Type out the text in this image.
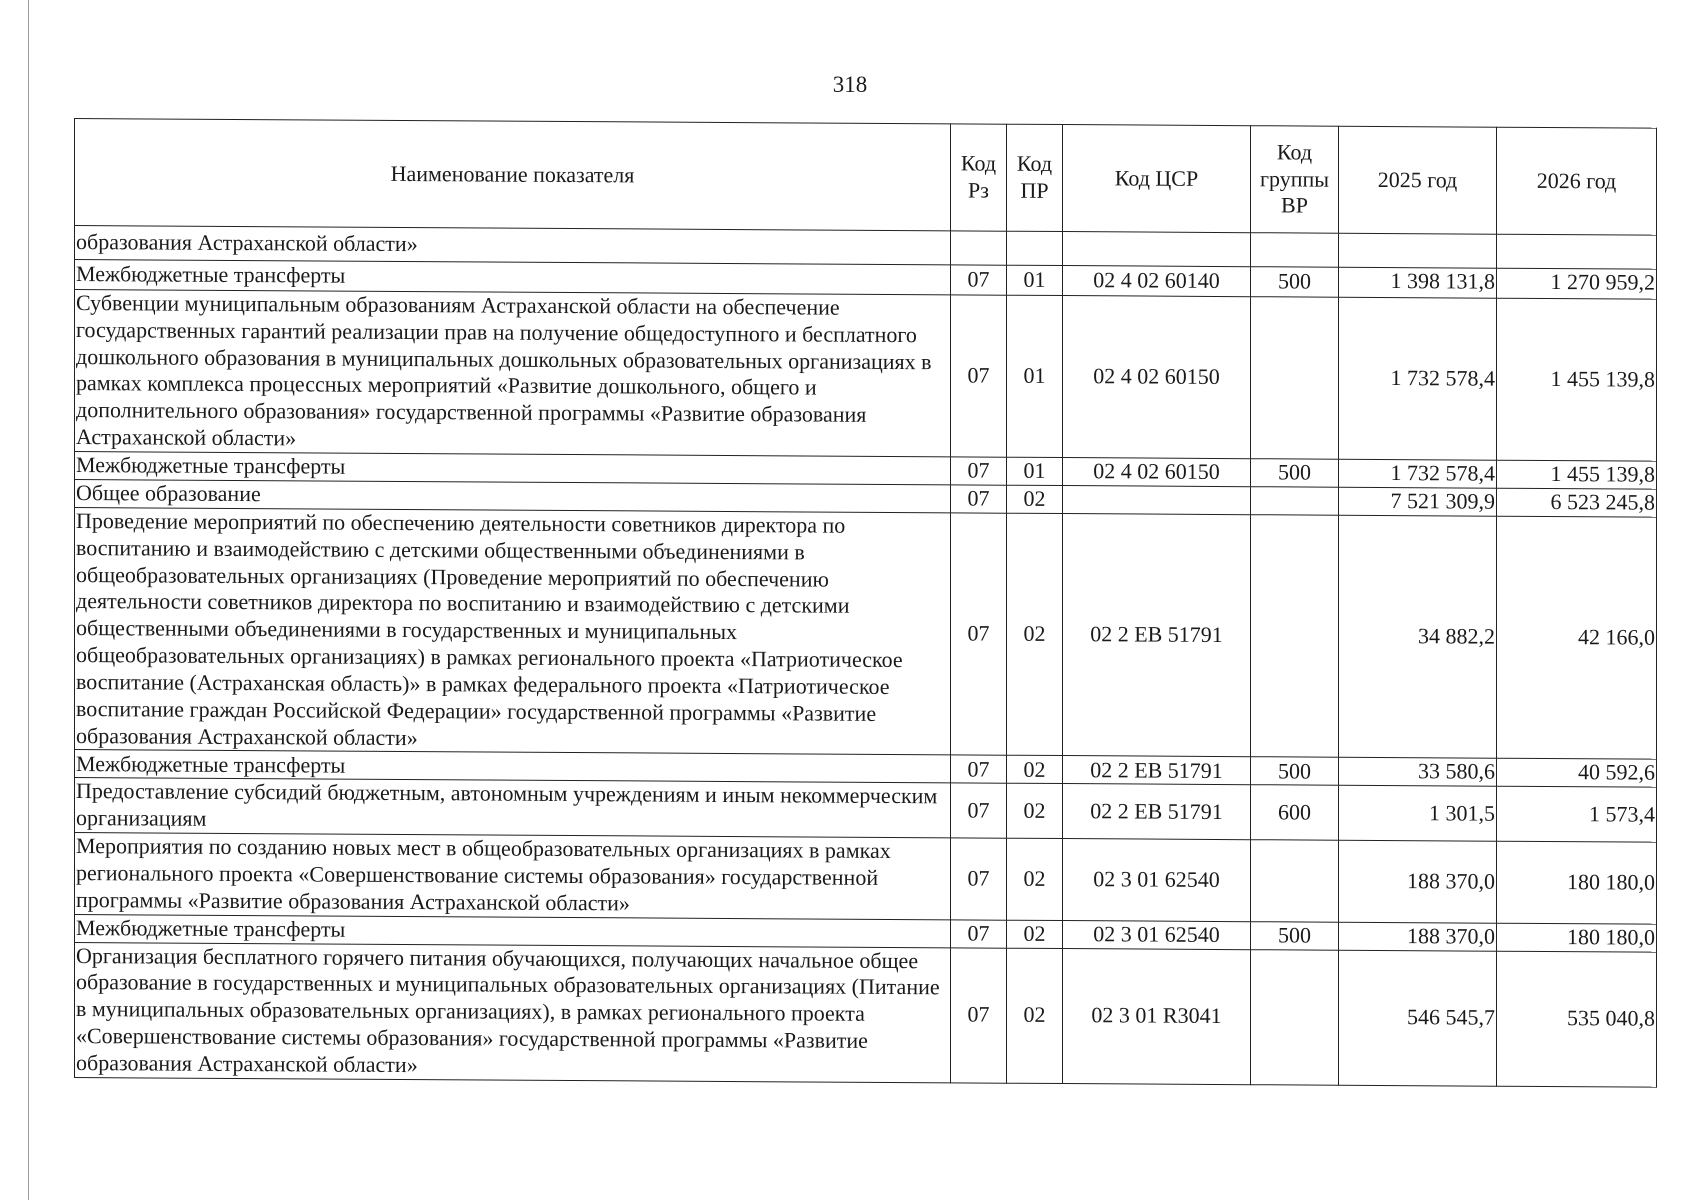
318
Наименование показателя	Код Рз	Код ПР	Код ЦСР	Код группы ВР	2025 год	2026 год
образования Астраханской области»						
Межбюджетные трансферты	07	01	02 4 02 60140	500	1 398 131,8	1 270 959,2
Субвенции муниципальным образованиям Астраханской области на обеспечение государственных гарантий реализации прав на получение общедоступного и бесплатного дошкольного образования в муниципальных дошкольных образовательных организациях в рамках комплекса процессных мероприятий «Развитие дошкольного, общего и дополнительного образования» государственной программы «Развитие образования Астраханской области»	07	01	02 4 02 60150		1 732 578,4	1 455 139,8
Межбюджетные трансферты	07	01	02 4 02 60150	500	1 732 578,4	1 455 139,8
Общее образование	07	02			7 521 309,9	6 523 245,8
Проведение мероприятий по обеспечению деятельности советников директора по воспитанию и взаимодействию с детскими общественными объединениями в общеобразовательных организациях (Проведение мероприятий по обеспечению деятельности советников директора по воспитанию и взаимодействию с детскими общественными объединениями в государственных и муниципальных общеобразовательных организациях) в рамках регионального проекта «Патриотическое воспитание (Астраханская область)» в рамках федерального проекта «Патриотическое воспитание граждан Российской Федерации» государственной программы «Развитие образования Астраханской области»	07	02	02 2 ЕВ 51791		34 882,2	42 166,0
Межбюджетные трансферты	07	02	02 2 ЕВ 51791	500	33 580,6	40 592,6
Предоставление субсидий бюджетным, автономным учреждениям и иным некоммерческим организациям	07	02	02 2 ЕВ 51791	600	1 301,5	1 573,4
Мероприятия по созданию новых мест в общеобразовательных организациях в рамках регионального проекта «Совершенствование системы образования» государственной программы «Развитие образования Астраханской области»	07	02	02 3 01 62540		188 370,0	180 180,0
Межбюджетные трансферты	07	02	02 3 01 62540	500	188 370,0	180 180,0
Организация бесплатного горячего питания обучающихся, получающих начальное общее образование в государственных и муниципальных образовательных организациях (Питание в муниципальных образовательных организациях), в рамках регионального проекта «Совершенствование системы образования» государственной программы «Развитие образования Астраханской области»	07	02	02 3 01 R3041		546 545,7	535 040,8
